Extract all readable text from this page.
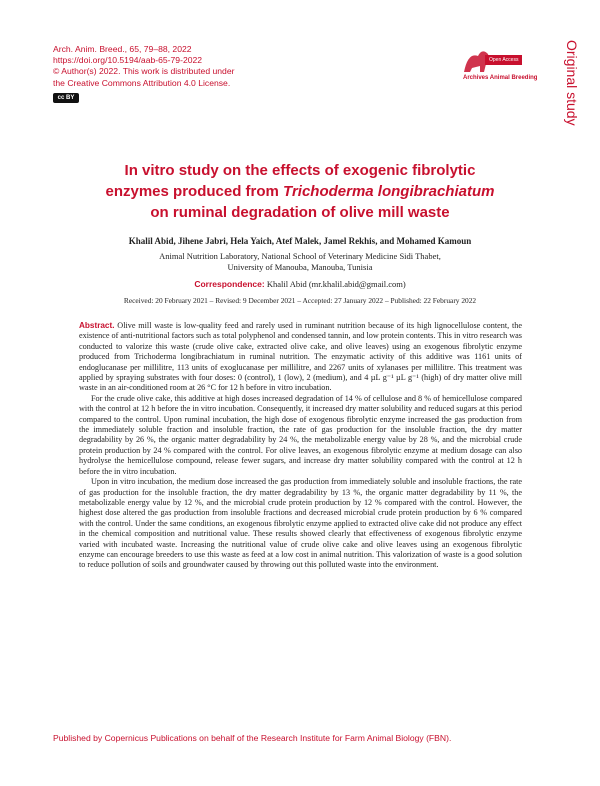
Arch. Anim. Breed., 65, 79–88, 2022
https://doi.org/10.5194/aab-65-79-2022
© Author(s) 2022. This work is distributed under
the Creative Commons Attribution 4.0 License.
cc BY
Open Access
Archives Animal Breeding Original study
In vitro study on the effects of exogenic fibrolytic
enzymes produced from Trichoderma longibrachiatum
on ruminal degradation of olive mill waste
Khalil Abid, Jihene Jabri, Hela Yaich, Atef Malek, Jamel Rekhis, and Mohamed Kamoun
Animal Nutrition Laboratory, National School of Veterinary Medicine Sidi Thabet,
University of Manouba, Manouba, Tunisia
Correspondence: Khalil Abid (mr.khalil.abid@gmail.com)
Received: 20 February 2021 – Revised: 9 December 2021 – Accepted: 27 January 2022 – Published: 22 February 2022

Abstract. Olive mill waste is low-quality feed and rarely used in ruminant nutrition because of its high lignocellulose content, the existence of anti-nutritional factors such as total polyphenol and condensed tannin, and low protein contents. This in vitro research was conducted to valorize this waste (crude olive cake, extracted olive cake, and olive leaves) using an exogenous fibrolytic enzyme produced from Trichoderma longibrachiatum in ruminal nutrition. The enzymatic activity of this additive was 1161 units of endoglucanase per millilitre, 113 units of exoglucanase per millilitre, and 2267 units of xylanases per millilitre. This treatment was applied by spraying substrates with four doses: 0 (control), 1 (low), 2 (medium), and 4 µL g⁻¹ µL g⁻¹ (high) of dry matter olive mill waste in an air-conditioned room at 26 °C for 12 h before in vitro incubation.

For the crude olive cake, this additive at high doses increased degradation of 14 % of cellulose and 8 % of hemicellulose compared with the control at 12 h before the in vitro incubation. Consequently, it increased dry matter solubility and reduced sugars at this period compared to the control. Upon ruminal incubation, the high dose of exogenous fibrolytic enzyme increased the gas production from the immediately soluble fraction and insoluble fraction, the rate of gas production for the insoluble fraction, the dry matter degradability by 26 %, the organic matter degradability by 24 %, the metabolizable energy value by 28 %, and the microbial crude protein production by 24 % compared with the control. For olive leaves, an exogenous fibrolytic enzyme at medium dosage can also hydrolyse the hemicellulose compound, release fewer sugars, and increase dry matter solubility compared with the control at 12 h before the in vitro incubation.

Upon in vitro incubation, the medium dose increased the gas production from immediately soluble and insoluble fractions, the rate of gas production for the insoluble fraction, the dry matter degradability by 13 %, the organic matter degradability by 11 %, the metabolizable energy value by 12 %, and the microbial crude protein production by 12 % compared with the control. However, the highest dose altered the gas production from insoluble fractions and decreased microbial crude protein production by 6 % compared with the control. Under the same conditions, an exogenous fibrolytic enzyme applied to extracted olive cake did not produce any effect in the chemical composition and nutritional value. These results showed clearly that effectiveness of exogenous fibrolytic enzyme varied with incubated waste. Increasing the nutritional value of crude olive cake and olive leaves using an exogenous fibrolytic enzyme can encourage breeders to use this waste as feed at a low cost in animal nutrition. This valorization of waste is a good solution to reduce pollution of soils and groundwater caused by throwing out this polluted waste into the environment.

Published by Copernicus Publications on behalf of the Research Institute for Farm Animal Biology (FBN).
